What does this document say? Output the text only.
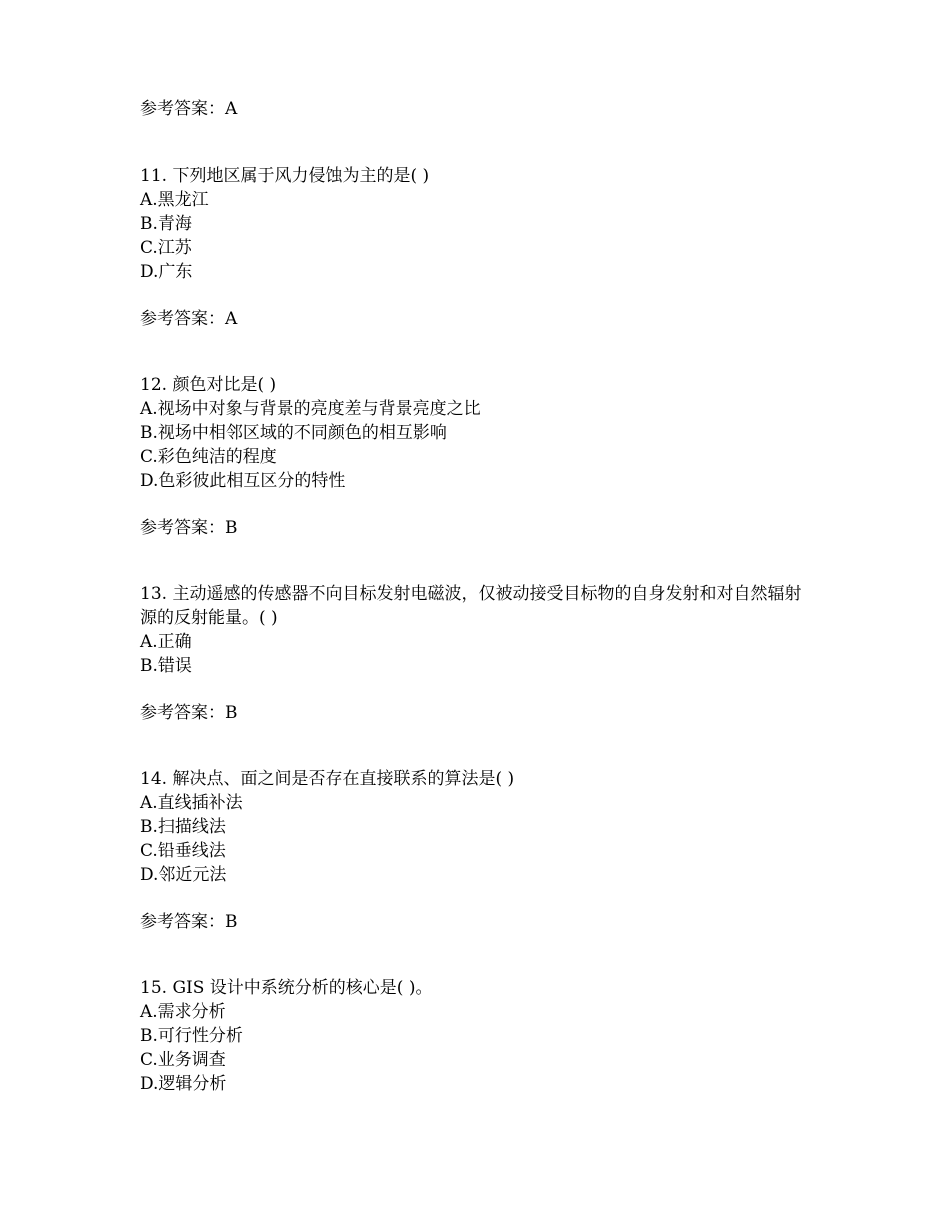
参考答案：A
11. 下列地区属于风力侵蚀为主的是( )
A.黑龙江
B.青海
C.江苏
D.广东
参考答案：A
12. 颜色对比是( )
A.视场中对象与背景的亮度差与背景亮度之比
B.视场中相邻区域的不同颜色的相互影响
C.彩色纯洁的程度
D.色彩彼此相互区分的特性
参考答案：B
13. 主动遥感的传感器不向目标发射电磁波，仅被动接受目标物的自身发射和对自然辐射源的反射能量。( )
A.正确
B.错误
参考答案：B
14. 解决点、面之间是否存在直接联系的算法是( )
A.直线插补法
B.扫描线法
C.铅垂线法
D.邻近元法
参考答案：B
15. GIS 设计中系统分析的核心是( )。
A.需求分析
B.可行性分析
C.业务调查
D.逻辑分析
